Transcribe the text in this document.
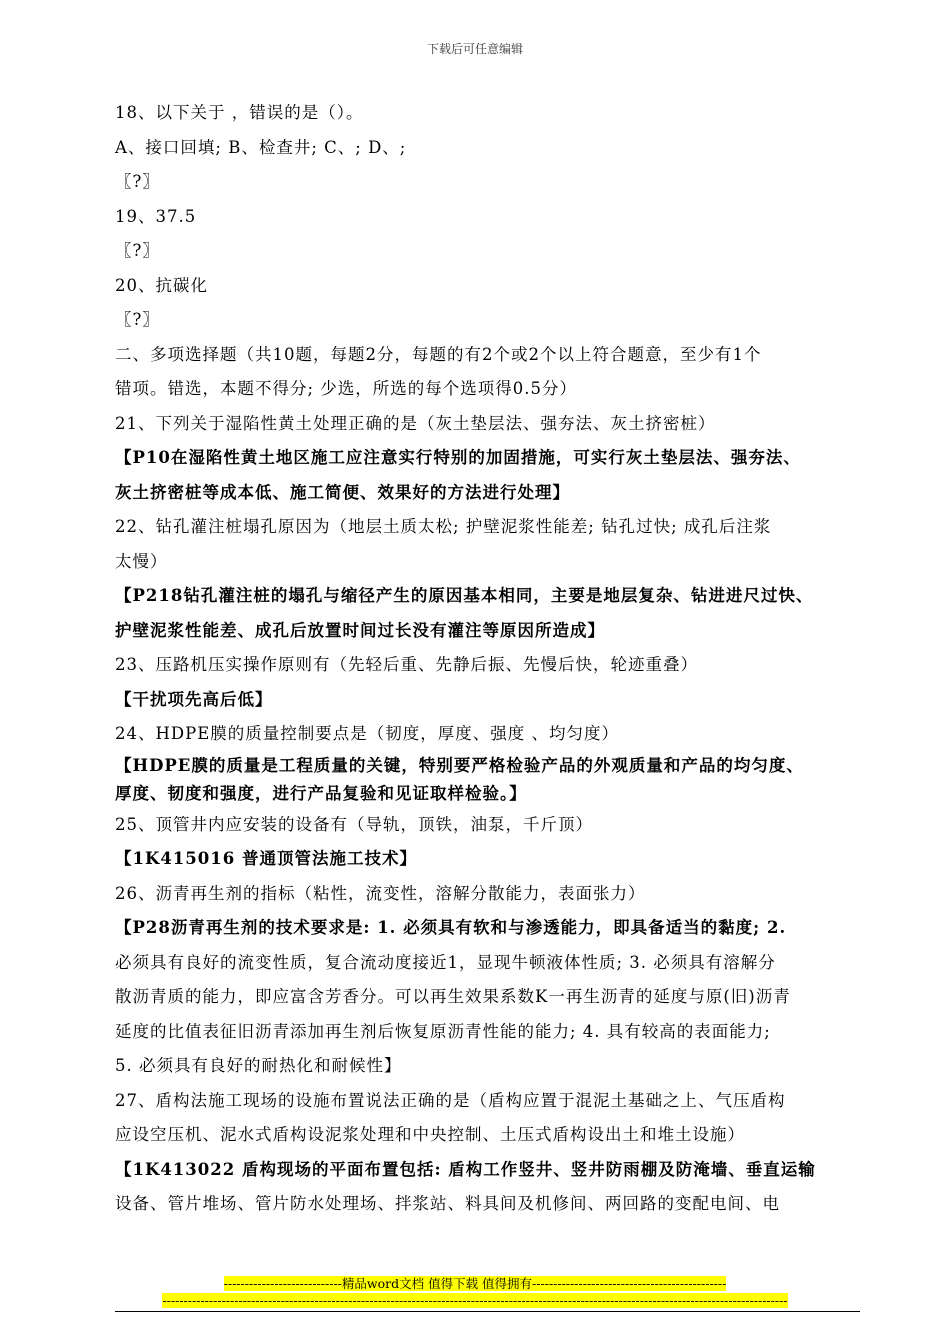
下载后可任意编辑
18、以下关于 ，错误的是（）。
A、接口回填; B、检查井; C、; D、;
〖?〗
19、37.5
〖?〗
20、抗碳化
〖?〗
二、多项选择题（共10题，每题2分，每题的有2个或2个以上符合题意，至少有1个
错项。错选，本题不得分; 少选，所选的每个选项得0.5分）
21、下列关于湿陷性黄土处理正确的是（灰土垫层法、强夯法、灰土挤密桩）
【P10在湿陷性黄土地区施工应注意实行特别的加固措施，可实行灰土垫层法、强夯法、
灰土挤密桩等成本低、施工简便、效果好的方法进行处理】
22、钻孔灌注桩塌孔原因为（地层土质太松; 护壁泥浆性能差; 钻孔过快; 成孔后注浆
太慢）
【P218钻孔灌注桩的塌孔与缩径产生的原因基本相同，主要是地层复杂、钻进进尺过快、
护壁泥浆性能差、成孔后放置时间过长没有灌注等原因所造成】
23、压路机压实操作原则有（先轻后重、先静后振、先慢后快，轮迹重叠）
【干扰项先高后低】
24、HDPE膜的质量控制要点是（韧度，厚度、强度 、均匀度）
【HDPE膜的质量是工程质量的关键，特别要严格检验产品的外观质量和产品的均匀度、
厚度、韧度和强度，进行产品复验和见证取样检验。】
25、顶管井内应安装的设备有（导轨，顶铁，油泵，千斤顶）
【1K415016 普通顶管法施工技术】
26、沥青再生剂的指标（粘性，流变性，溶解分散能力，表面张力）
【P28沥青再生剂的技术要求是: 1. 必须具有软和与渗透能力，即具备适当的黏度; 2.
必须具有良好的流变性质，复合流动度接近1，显现牛顿液体性质; 3. 必须具有溶解分
散沥青质的能力，即应富含芳香分。可以再生效果系数K一再生沥青的延度与原(旧)沥青
延度的比值表征旧沥青添加再生剂后恢复原沥青性能的能力; 4. 具有较高的表面能力;
5. 必须具有良好的耐热化和耐候性】
27、盾构法施工现场的设施布置说法正确的是（盾构应置于混泥土基础之上、气压盾构
应设空压机、泥水式盾构设泥浆处理和中央控制、土压式盾构设出土和堆土设施）
【1K413022 盾构现场的平面布置包括: 盾构工作竖井、竖井防雨棚及防淹墙、垂直运输
设备、管片堆场、管片防水处理场、拌浆站、料具间及机修间、两回路的变配电间、电
----------------------------精品word文档 值得下载 值得拥有----------------------------------------------
----------------------------------------------------------------------------------------------------------------------------------------------------
